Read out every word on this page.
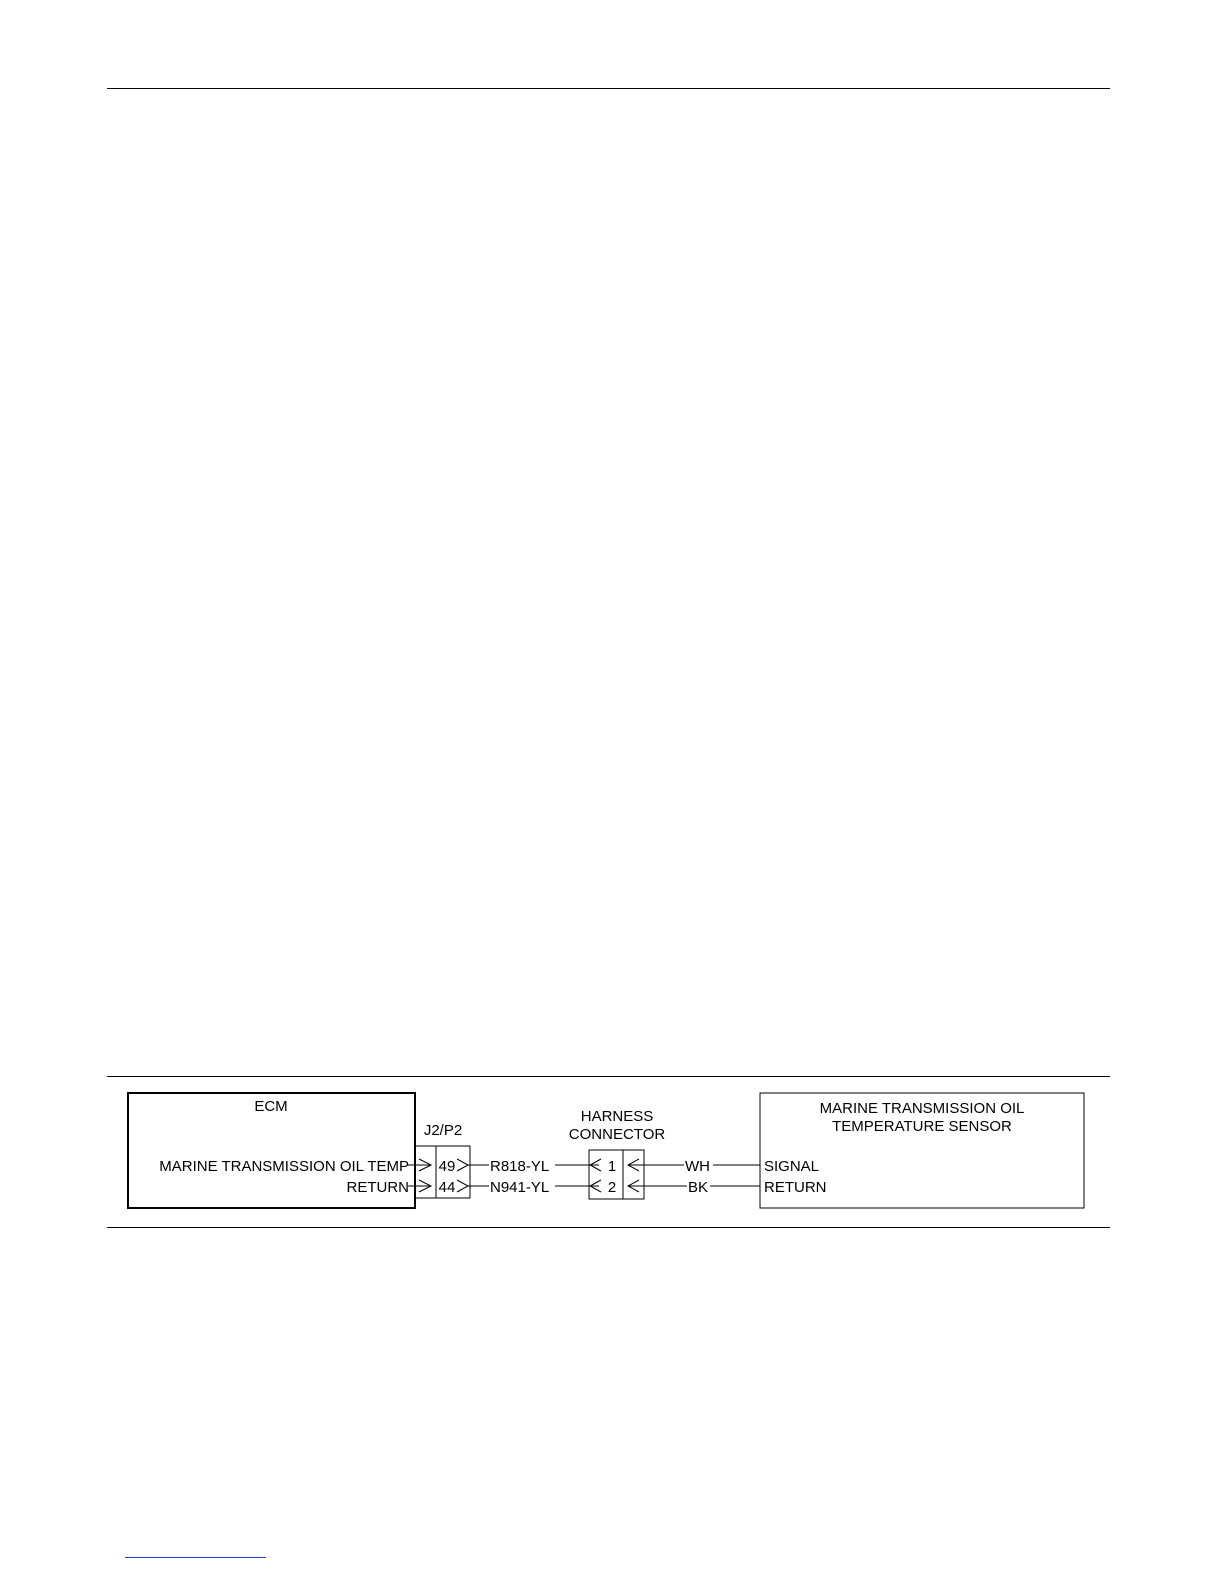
ECM
MARINE TRANSMISSION OIL TEMP
RETURN
J2/P2
49
44
R818-YL
N941-YL
HARNESS
CONNECTOR
1
2
WH
BK
MARINE TRANSMISSION OIL
TEMPERATURE SENSOR
SIGNAL
RETURN
